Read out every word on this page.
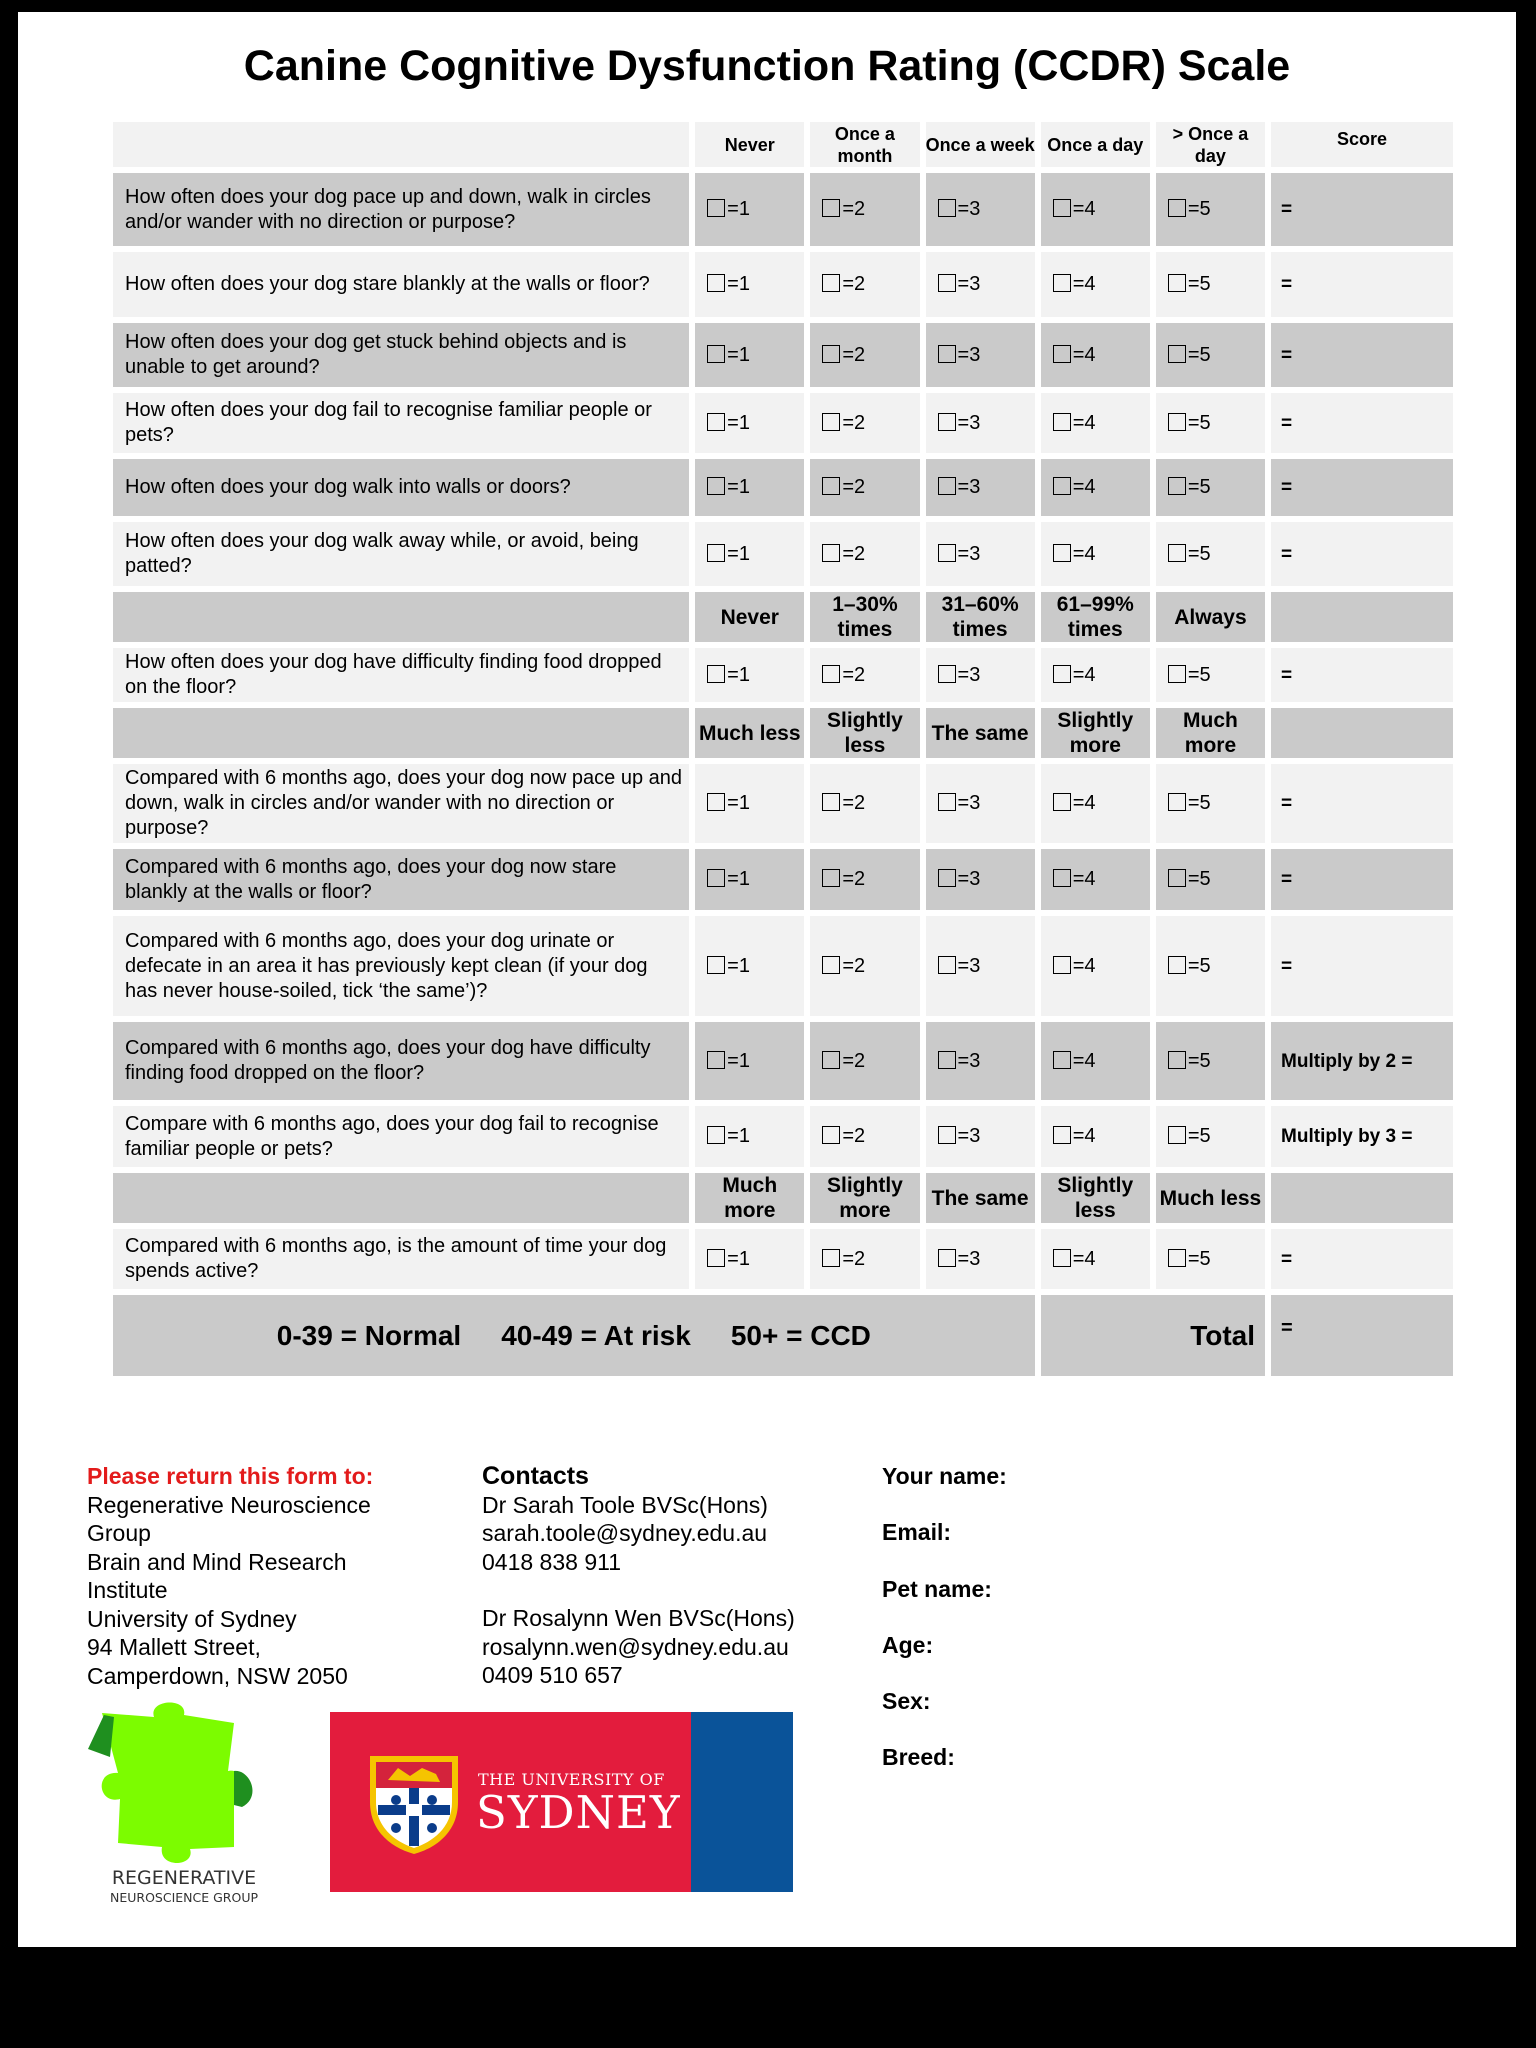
Canine Cognitive Dysfunction Rating (CCDR) Scale
	Never	Once a month	Once a week	Once a day	> Once a day	Score
How often does your dog pace up and down, walk in circles and/or wander with no direction or purpose?	=1	=2	=3	=4	=5	=
How often does your dog stare blankly at the walls or floor?	=1	=2	=3	=4	=5	=
How often does your dog get stuck behind objects and is unable to get around?	=1	=2	=3	=4	=5	=
How often does your dog fail to recognise familiar people or pets?	=1	=2	=3	=4	=5	=
How often does your dog walk into walls or doors?	=1	=2	=3	=4	=5	=
How often does your dog walk away while, or avoid, being patted?	=1	=2	=3	=4	=5	=
	Never	1–30% times	31–60% times	61–99% times	Always	
How often does your dog have difficulty finding food dropped on the floor?	=1	=2	=3	=4	=5	=
	Much less	Slightly less	The same	Slightly more	Much more	
Compared with 6 months ago, does your dog now pace up and down, walk in circles and/or wander with no direction or purpose?	=1	=2	=3	=4	=5	=
Compared with 6 months ago, does your dog now stare blankly at the walls or floor?	=1	=2	=3	=4	=5	=
Compared with 6 months ago, does your dog urinate or defecate in an area it has previously kept clean (if your dog has never house-soiled, tick ‘the same’)?	=1	=2	=3	=4	=5	=
Compared with 6 months ago, does your dog have difficulty finding food dropped on the floor?	=1	=2	=3	=4	=5	Multiply by 2 =
Compare with 6 months ago, does your dog fail to recognise familiar people or pets?	=1	=2	=3	=4	=5	Multiply by 3 =
	Much more	Slightly more	The same	Slightly less	Much less	
Compared with 6 months ago, is the amount of time your dog spends active?	=1	=2	=3	=4	=5	=
0-39 = Normal 40-49 = At risk 50+ = CCD				Total		=
Please return this form to:
Regenerative Neuroscience Group
Brain and Mind Research Institute
University of Sydney
94 Mallett Street,
Camperdown, NSW 2050
Contacts
Dr Sarah Toole BVSc(Hons)
sarah.toole@sydney.edu.au
0418 838 911
Dr Rosalynn Wen BVSc(Hons)
rosalynn.wen@sydney.edu.au
0409 510 657
Your name:
Email:
Pet name:
Age:
Sex:
Breed:
REGENERATIVE
NEUROSCIENCE GROUP
THE UNIVERSITY OF
SYDNEY
